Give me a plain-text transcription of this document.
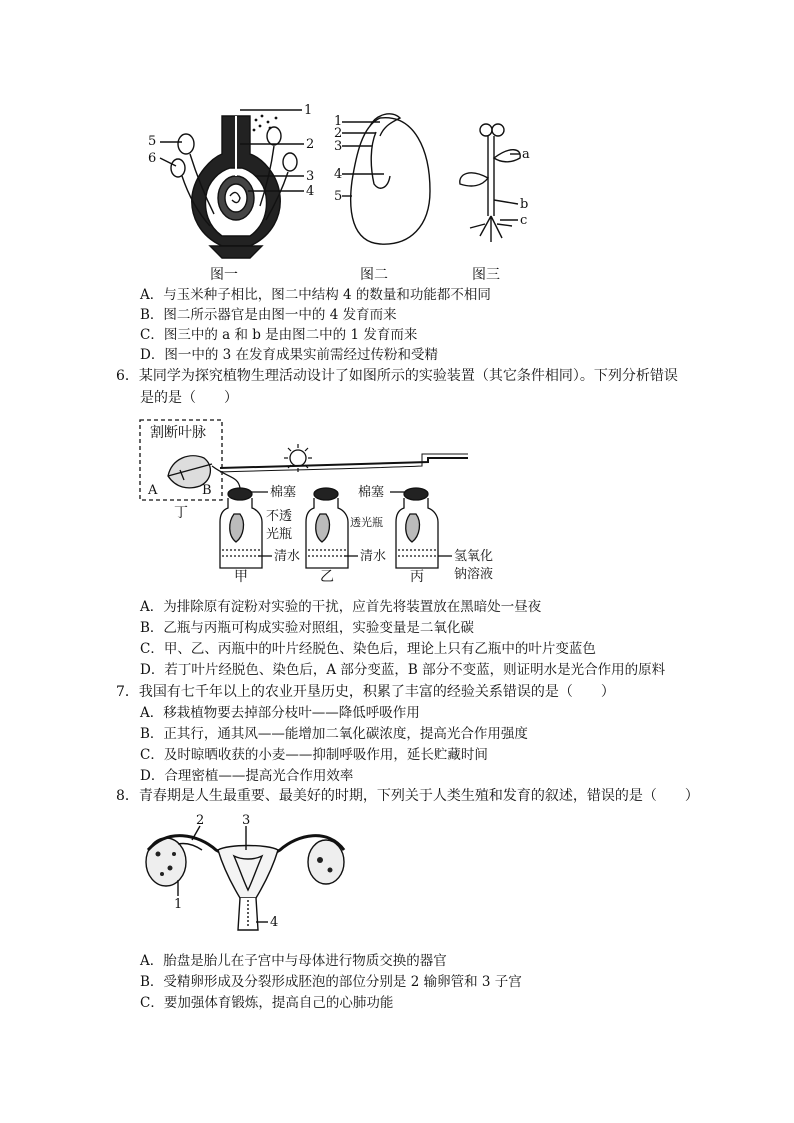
1
2
3
4
5
6
1
2
3
4
5
a
b
c
图一	图二	图三
A．与玉米种子相比，图二中结构 4 的数量和功能都不相同
B．图二所示器官是由图一中的 4 发育而来
C．图三中的 a 和 b 是由图二中的 1 发育而来
D．图一中的 3 在发育成果实前需经过传粉和受精
6．某同学为探究植物生理活动设计了如图所示的实验装置（其它条件相同）。下列分析错误
是的是（　　）
割断叶脉
A	B
丁
棉塞	棉塞
不透
光瓶
透光瓶
清水	清水	氢氧化
钠溶液
甲	乙	丙
A．为排除原有淀粉对实验的干扰，应首先将装置放在黑暗处一昼夜
B．乙瓶与丙瓶可构成实验对照组，实验变量是二氧化碳
C．甲、乙、丙瓶中的叶片经脱色、染色后，理论上只有乙瓶中的叶片变蓝色
D．若丁叶片经脱色、染色后，A 部分变蓝，B 部分不变蓝，则证明水是光合作用的原料
7．我国有七千年以上的农业开垦历史，积累了丰富的经验关系错误的是（　　）
A．移栽植物要去掉部分枝叶——降低呼吸作用
B．正其行，通其风——能增加二氧化碳浓度，提高光合作用强度
C．及时晾晒收获的小麦——抑制呼吸作用，延长贮藏时间
D．合理密植——提高光合作用效率
8．青春期是人生最重要、最美好的时期，下列关于人类生殖和发育的叙述，错误的是（　　）
1
2	3
4
A．胎盘是胎儿在子宫中与母体进行物质交换的器官
B．受精卵形成及分裂形成胚泡的部位分别是 2 输卵管和 3 子宫
C．要加强体育锻炼，提高自己的心肺功能
